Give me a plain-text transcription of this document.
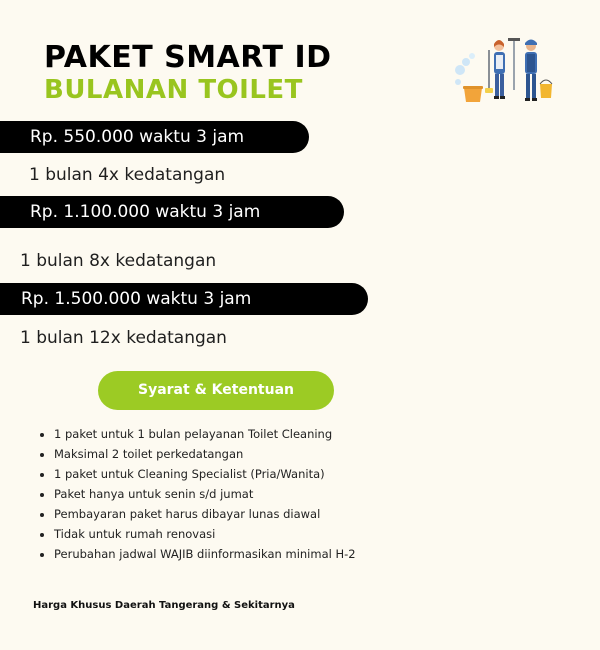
PAKET SMART ID
BULANAN TOILET
Rp. 550.000 waktu 3 jam
1 bulan 4x kedatangan
Rp. 1.100.000 waktu 3 jam
1 bulan 8x kedatangan
Rp. 1.500.000 waktu 3 jam
1 bulan 12x kedatangan
Syarat & Ketentuan
• 1 paket untuk 1 bulan pelayanan Toilet Cleaning
• Maksimal 2 toilet perkedatangan
• 1 paket untuk Cleaning Specialist (Pria/Wanita)
• Paket hanya untuk senin s/d jumat
• Pembayaran paket harus dibayar lunas diawal
• Tidak untuk rumah renovasi
• Perubahan jadwal WAJIB diinformasikan minimal H-2
Harga Khusus Daerah Tangerang & Sekitarnya
